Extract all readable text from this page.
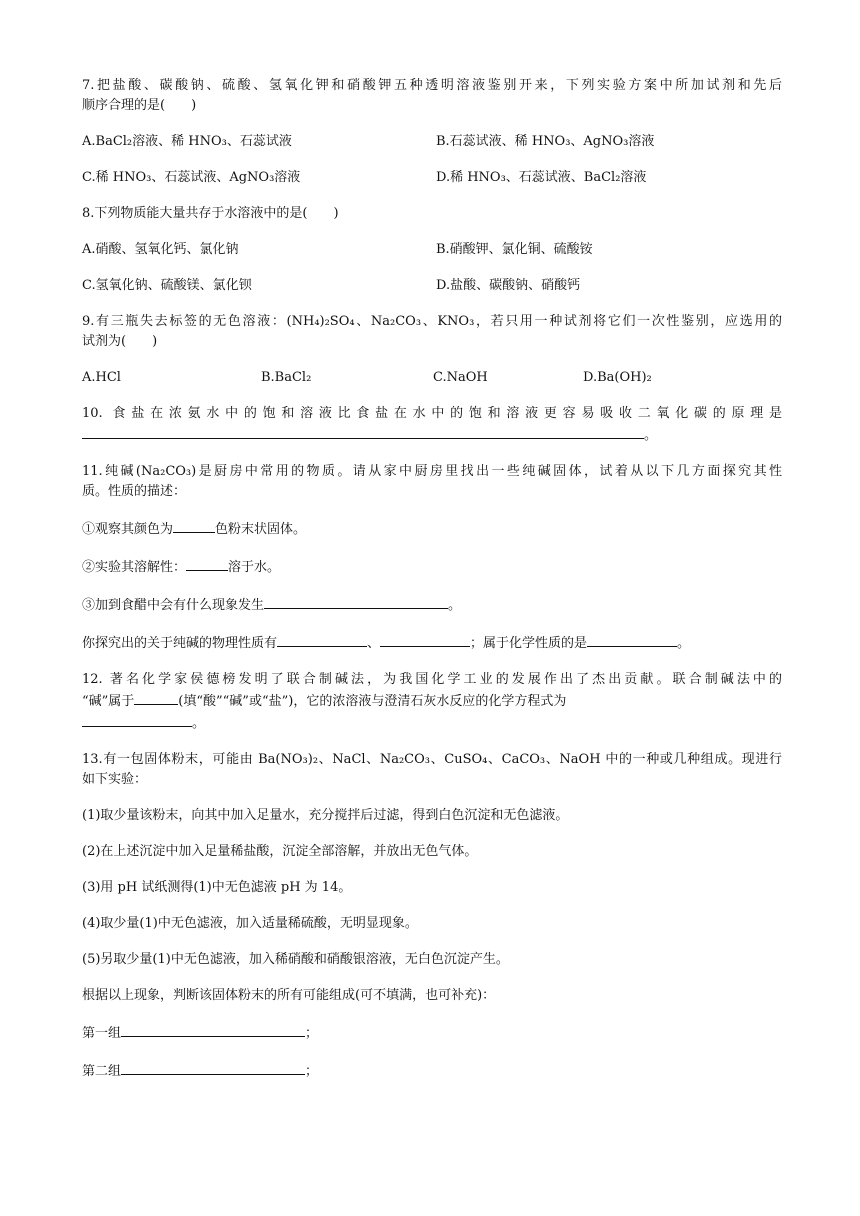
7.把盐酸、碳酸钠、硫酸、氢氧化钾和硝酸钾五种透明溶液鉴别开来，下列实验方案中所加试剂和先后

顺序合理的是(　　)

A.BaCl₂溶液、稀 HNO₃、石蕊试液	B.石蕊试液、稀 HNO₃、AgNO₃溶液
C.稀 HNO₃、石蕊试液、AgNO₃溶液	D.稀 HNO₃、石蕊试液、BaCl₂溶液

8.下列物质能大量共存于水溶液中的是(　　)

A.硝酸、氢氧化钙、氯化钠	B.硝酸钾、氯化铜、硫酸铵
C.氢氧化钠、硫酸镁、氯化钡	D.盐酸、碳酸钠、硝酸钙

9.有三瓶失去标签的无色溶液：(NH₄)₂SO₄、Na₂CO₃、KNO₃，若只用一种试剂将它们一次性鉴别，应选用的

试剂为(　　)

A.HCl	B.BaCl₂	C.NaOH	D.Ba(OH)₂

10. 食盐在浓氨水中的饱和溶液比食盐在水中的饱和溶液更容易吸收二氧化碳的原理是

。

11.纯碱(Na₂CO₃)是厨房中常用的物质。请从家中厨房里找出一些纯碱固体，试着从以下几方面探究其性

质。性质的描述：

①观察其颜色为	色粉末状固体。

②实验其溶解性：	溶于水。

③加到食醋中会有什么现象发生	。

你探究出的关于纯碱的物理性质有	、	；属于化学性质的是	。

12. 著名化学家侯德榜发明了联合制碱法，为我国化学工业的发展作出了杰出贡献。联合制碱法中的

“碱”属于	(填“酸”“碱”或“盐”)，它的浓溶液与澄清石灰水反应的化学方程式为

。

13.有一包固体粉末，可能由 Ba(NO₃)₂、NaCl、Na₂CO₃、CuSO₄、CaCO₃、NaOH 中的一种或几种组成。现进行

如下实验：

(1)取少量该粉末，向其中加入足量水，充分搅拌后过滤，得到白色沉淀和无色滤液。

(2)在上述沉淀中加入足量稀盐酸，沉淀全部溶解，并放出无色气体。

(3)用 pH 试纸测得(1)中无色滤液 pH 为 14。

(4)取少量(1)中无色滤液，加入适量稀硫酸，无明显现象。

(5)另取少量(1)中无色滤液，加入稀硝酸和硝酸银溶液，无白色沉淀产生。

根据以上现象，判断该固体粉末的所有可能组成(可不填满，也可补充)：

第一组	；

第二组	；
